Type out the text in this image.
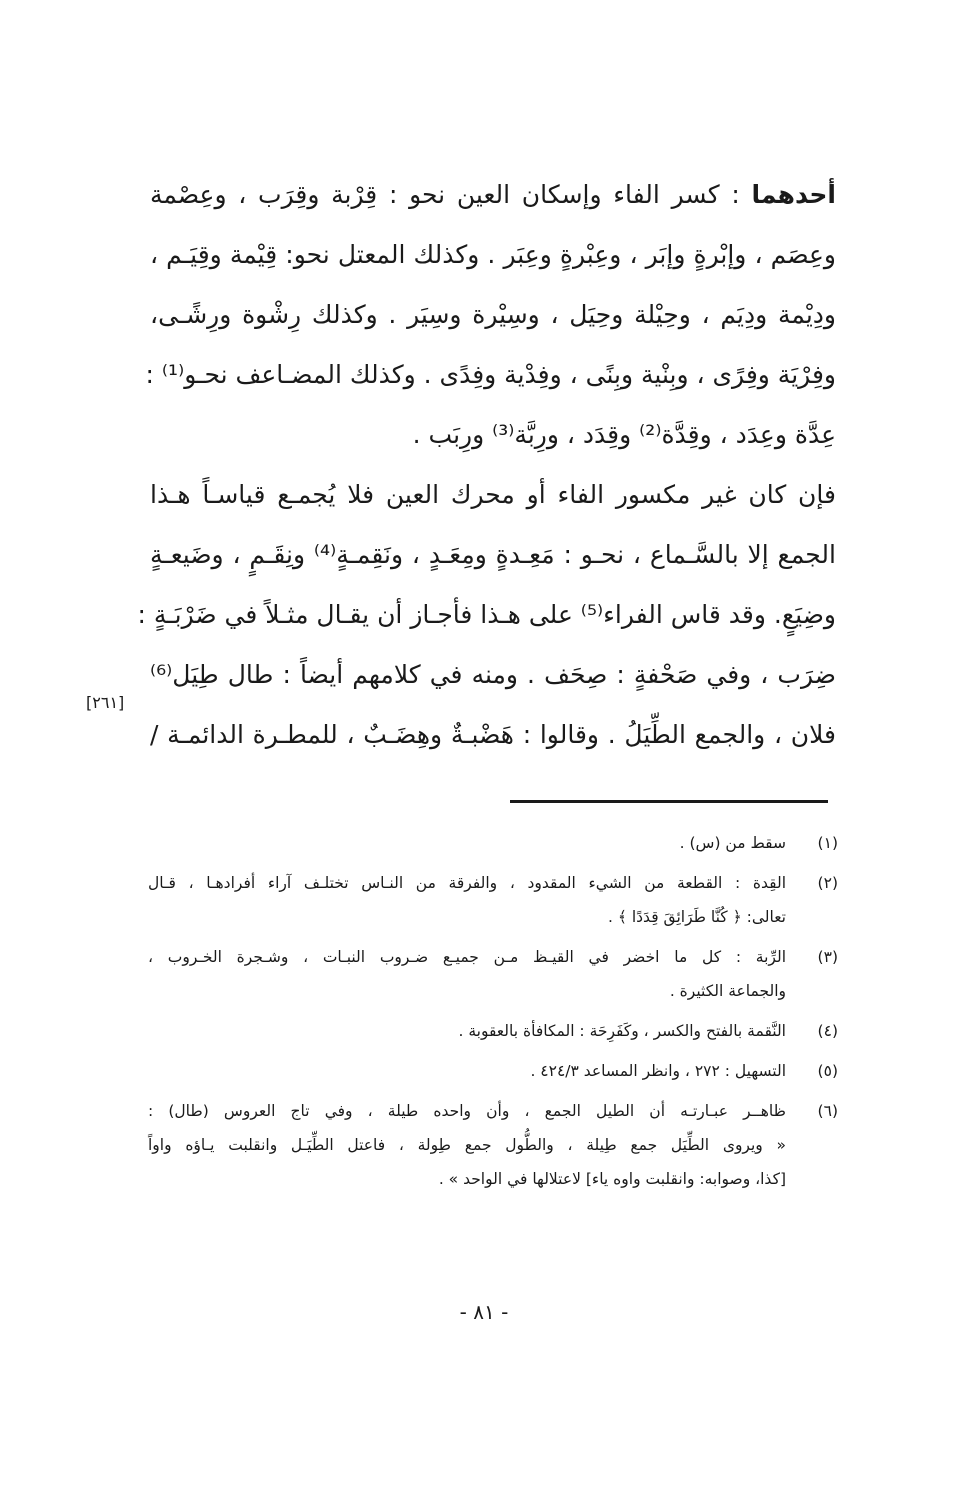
أحدهما : كسر الفاء وإسكان العين نحو : قِرْبة وقِرَب ، وعِصْمة
وعِصَم ، وإبْرةٍ وإبَر ، وعِبْرةٍ وعِبَر . وكذلك المعتل نحو: قِيْمة وقِيَـم ،
ودِيْمة ودِيَم ، وحِيْلة وحِيَل ، وسِيْرة وسِيَر . وكذلك رِشْوة ورِشًـى،
وفِرْيَة وفِرًى ، وبِنْية وبِنًى ، وفِدْية وفِدًى . وكذلك المضـاعف نحـو⁽¹⁾ :
عِدَّة وعِدَد ، وقِدَّة⁽²⁾ وقِدَد ، ورِبَّة⁽³⁾ ورِبَب .
فإن كان غير مكسور الفاء أو محرك العين فلا يُجمـع قياسـاً هـذا
الجمع إلا بالسَّـماع ، نحـو : مَعِـدةٍ ومِعَـدٍ ، ونَقِمـةٍ⁽⁴⁾ ونِقَـمٍ ، وضَيعـةٍ
وضِيَعٍ. وقد قاس الفراء⁽⁵⁾ على هـذا فأجـاز أن يقـال مثـلاً في ضَرْبَـةٍ :
ضِرَب ، وفي صَحْفةٍ : صِحَف . ومنه في كلامهم أيضاً : طال طِيَل⁽⁶⁾
فلان ، والجمع الطِّيَلُ . وقالوا : هَضْبـةٌ وهِضَـبٌ ، للمطـرة الدائمـة /
[٢٦١]
(١)
سقط من (س) .
(٢)
القِدة : القطعة من الشيء المقدود ، والفرقة من النـاس تختلـف آراء أفرادهـا ، قـال
تعالى: ﴿ كُنَّا طَرَائِقَ قِدَدًا ﴾ .
(٣)
الرِّبة : كل ما اخضر في القيـظ مـن جميـع ضـروب النبـات ، وشـجرة الخـروب ،
والجماعة الكثيرة .
(٤)
النَّقمة بالفتح والكسر ، وكَفَرِحَة : المكافأة بالعقوبة .
(٥)
التسهيل : ٢٧٢ ، وانظر المساعد ٤٢٤/٣ .
(٦)
ظاهــر عبـارتـه أن الطيل الجمع ، وأن واحده طيلة ، وفي تاج العروس (طال) :
« ويروى الطِّيَل جمع طِيلة ، والطُّول جمع طِولة ، فاعتل الطِّيَـل وانقلبت يـاؤه واواً
[كذا، وصوابه: وانقلبت واوه ياء] لاعتلالها في الواحد » .
- ٨١ -
